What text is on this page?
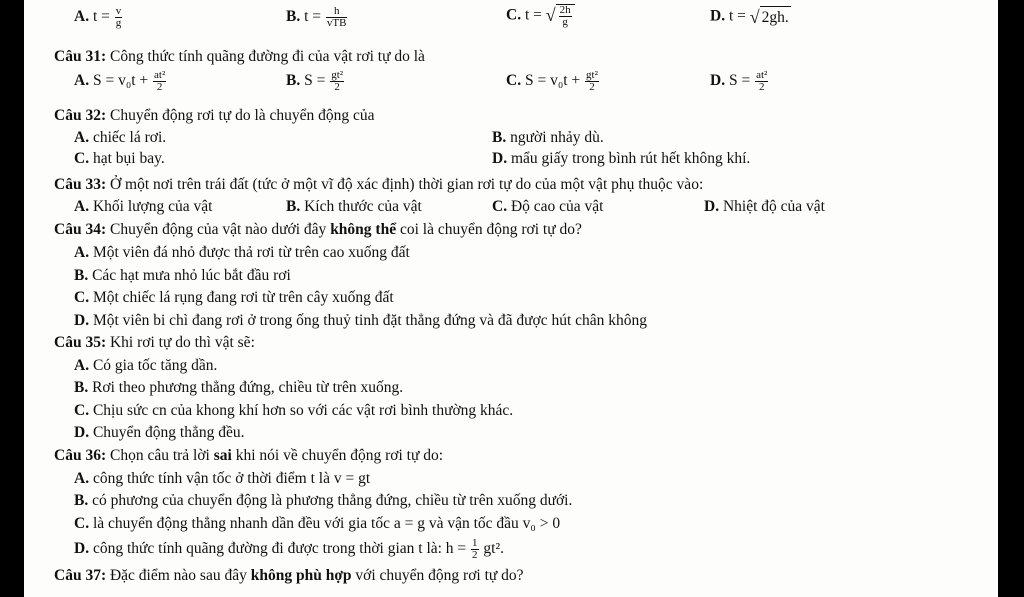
A. $t = \frac{v}{g}$	B. $t = \frac{h}{\text{vTB}}$	C. t = √ $\frac{2h}{g}$	D. t = √ 2gh.
Câu 31: Công thức tính quãng đường đi của vật rơi tự do là
A. $S = v_0t + \frac{\text{at²}}{2}$	B. $S = \frac{\text{gt²}}{2}$	C. $S = v_0t + \frac{\text{gt²}}{2}$	D. $S = \frac{\text{at²}}{2}$
Câu 32: Chuyển động rơi tự do là chuyển động của
A. chiếc lá rơi.	B. người nhảy dù.
C. hạt bụi bay.	D. mẩu giấy trong bình rút hết không khí.
Câu 33: Ở một nơi trên trái đất (tức ở một vĩ độ xác định) thời gian rơi tự do của một vật phụ thuộc vào:
A. Khối lượng của vật	B. Kích thước của vật	C. Độ cao của vật	D. Nhiệt độ của vật
Câu 34: Chuyển động của vật nào dưới đây không thể coi là chuyển động rơi tự do?
A. Một viên đá nhỏ được thả rơi từ trên cao xuống đất
B. Các hạt mưa nhỏ lúc bắt đầu rơi
C. Một chiếc lá rụng đang rơi từ trên cây xuống đất
D. Một viên bi chì đang rơi ở trong ống thuỷ tinh đặt thẳng đứng và đã được hút chân không
Câu 35: Khi rơi tự do thì vật sẽ:
A. Có gia tốc tăng dần.
B. Rơi theo phương thẳng đứng, chiều từ trên xuống.
C. Chịu sức cn của khong khí hơn so với các vật rơi bình thường khác.
D. Chuyển động thẳng đều.
Câu 36: Chọn câu trả lời sai khi nói về chuyển động rơi tự do:
A. công thức tính vận tốc ở thời điểm t là v = gt
B. có phương của chuyển động là phương thẳng đứng, chiều từ trên xuống dưới.
C. là chuyển động thẳng nhanh dần đều với gia tốc a = g và vận tốc đầu v₀ > 0
D. công thức tính quãng đường đi được trong thời gian t là: $h = \frac{1}{2} gt^2$.
Câu 37: Đặc điểm nào sau đây không phù hợp với chuyển động rơi tự do?
